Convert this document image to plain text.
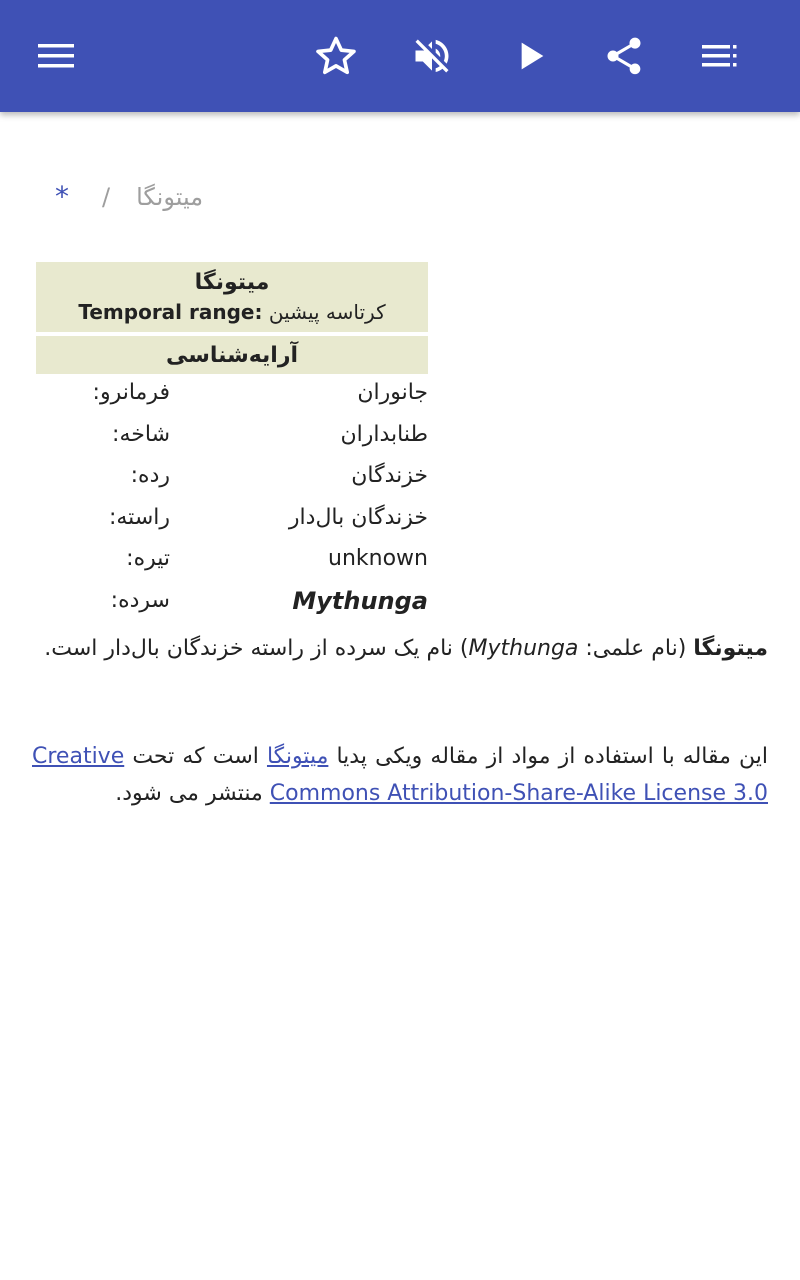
* / میتونگا
میتونگا
Temporal range: کرتاسه پیشین
آرایه‌شناسی
:فرمانرو	جانوران
:شاخه	طنابداران
:رده	خزندگان
:راسته	خزندگان بال‌دار
:تیره	unknown
:سرده	Mythunga

میتونگا (نام علمی: Mythunga) نام یک سرده از راسته خزندگان بال‌دار است.

این مقاله با استفاده از مواد از مقاله ویکی پدیا میتونگا است که تحت Creative Commons Attribution-Share-Alike License 3.0 منتشر می شود.
